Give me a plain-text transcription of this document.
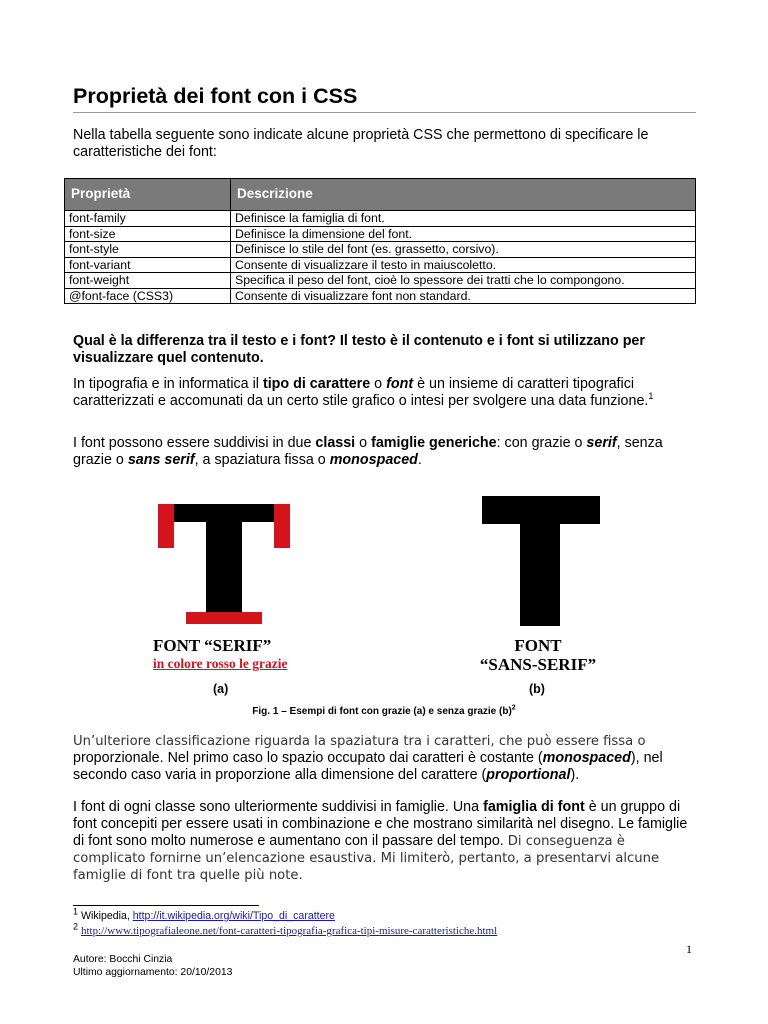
Proprietà dei font con i CSS

Nella tabella seguente sono indicate alcune proprietà CSS che permettono di specificare le caratteristiche dei font:

Proprietà	Descrizione
font-family	Definisce la famiglia di font.
font-size	Definisce la dimensione del font.
font-style	Definisce lo stile del font (es. grassetto, corsivo).
font-variant	Consente di visualizzare il testo in maiuscoletto.
font-weight	Specifica il peso del font, cioè lo spessore dei tratti che lo compongono.
@font-face (CSS3)	Consente di visualizzare font non standard.

Qual è la differenza tra il testo e i font? Il testo è il contenuto e i font si utilizzano per visualizzare quel contenuto.

In tipografia e in informatica il tipo di carattere o font è un insieme di caratteri tipografici caratterizzati e accomunati da un certo stile grafico o intesi per svolgere una data funzione.$^1$

I font possono essere suddivisi in due classi o famiglie generiche: con grazie o serif, senza grazie o sans serif, a spaziatura fissa o monospaced.

FONT “SERIF”
in colore rosso le grazie
FONT
“SANS-SERIF”
(a)	(b)
Fig. 1 – Esempi di font con grazie (a) e senza grazie $(b)^2$

Un’ulteriore classificazione riguarda la spaziatura tra i caratteri, che può essere fissa o
proporzionale. Nel primo caso lo spazio occupato dai caratteri è costante (monospaced), nel secondo caso varia in proporzione alla dimensione del carattere (proportional).

I font di ogni classe sono ulteriormente suddivisi in famiglie. Una famiglia di font è un gruppo di font concepiti per essere usati in combinazione e che mostrano similarità nel disegno. Le famiglie di font sono molto numerose e aumentano con il passare del tempo. Di conseguenza è complicato fornirne un’elencazione esaustiva. Mi limiterò, pertanto, a presentarvi alcune famiglie di font tra quelle più note.

$^1$ Wikipedia, http://it.wikipedia.org/wiki/Tipo_di_carattere
$^2$ http://www.tipografialeone.net/font-caratteri-tipografia-grafica-tipi-misure-caratteristiche.html
1
Autore: Bocchi Cinzia
Ultimo aggiornamento: 20/10/2013
